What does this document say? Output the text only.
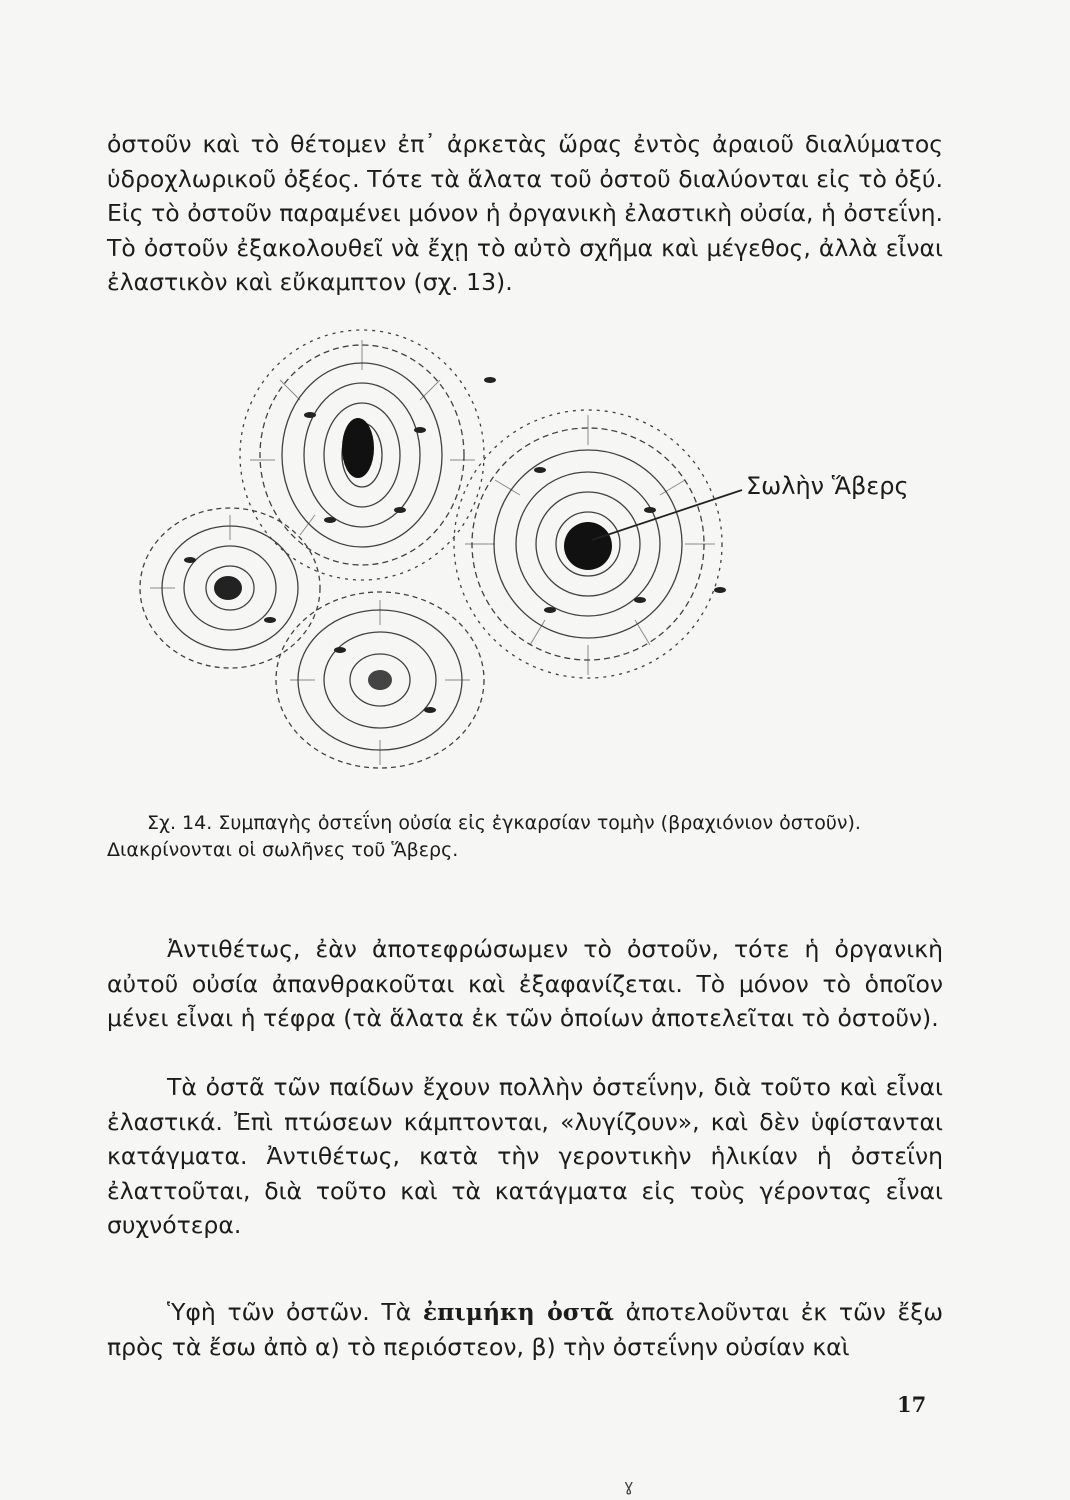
ὀστοῦν καὶ τὸ θέτομεν ἐπ᾽ ἀρκετὰς ὥρας ἐντὸς ἀραιοῦ διαλύματος ὑδροχλωρικοῦ ὀξέος. Τότε τὰ ἅλατα τοῦ ὀστοῦ διαλύονται εἰς τὸ ὀξύ. Εἰς τὸ ὀστοῦν παραμένει μόνον ἡ ὀργανικὴ ἐλαστικὴ οὐσία, ἡ ὀστεΐνη. Τὸ ὀστοῦν ἐξακολουθεῖ νὰ ἔχῃ τὸ αὐτὸ σχῆμα καὶ μέγεθος, ἀλλὰ εἶναι ἐλαστικὸν καὶ εὔκαμπτον (σχ. 13).

Σωλὴν Ἅβερς

Σχ. 14. Συμπαγὴς ὀστεΐνη οὐσία εἰς ἐγκαρσίαν τομὴν (βραχιόνιον ὀστοῦν).
Διακρίνονται οἱ σωλῆνες τοῦ Ἅβερς.

Ἀντιθέτως, ἐὰν ἀποτεφρώσωμεν τὸ ὀστοῦν, τότε ἡ ὀργανικὴ αὐτοῦ οὐσία ἀπανθρακοῦται καὶ ἐξαφανίζεται. Τὸ μόνον τὸ ὁποῖον μένει εἶναι ἡ τέφρα (τὰ ἅλατα ἐκ τῶν ὁποίων ἀποτελεῖται τὸ ὀστοῦν).

Τὰ ὀστᾶ τῶν παίδων ἔχουν πολλὴν ὀστεΐνην, διὰ τοῦτο καὶ εἶναι ἐλαστικά. Ἐπὶ πτώσεων κάμπτονται, «λυγίζουν», καὶ δὲν ὑφίστανται κατάγματα. Ἀντιθέτως, κατὰ τὴν γεροντικὴν ἡλικίαν ἡ ὀστεΐνη ἐλαττοῦται, διὰ τοῦτο καὶ τὰ κατάγματα εἰς τοὺς γέροντας εἶναι συχνότερα.

Ὑφὴ τῶν ὀστῶν. Τὰ ἐπιμήκη ὀστᾶ ἀποτελοῦνται ἐκ τῶν ἔξω πρὸς τὰ ἔσω ἀπὸ α) τὸ περιόστεον, β) τὴν ὀστεΐνην οὐσίαν καὶ

17
ɣ
